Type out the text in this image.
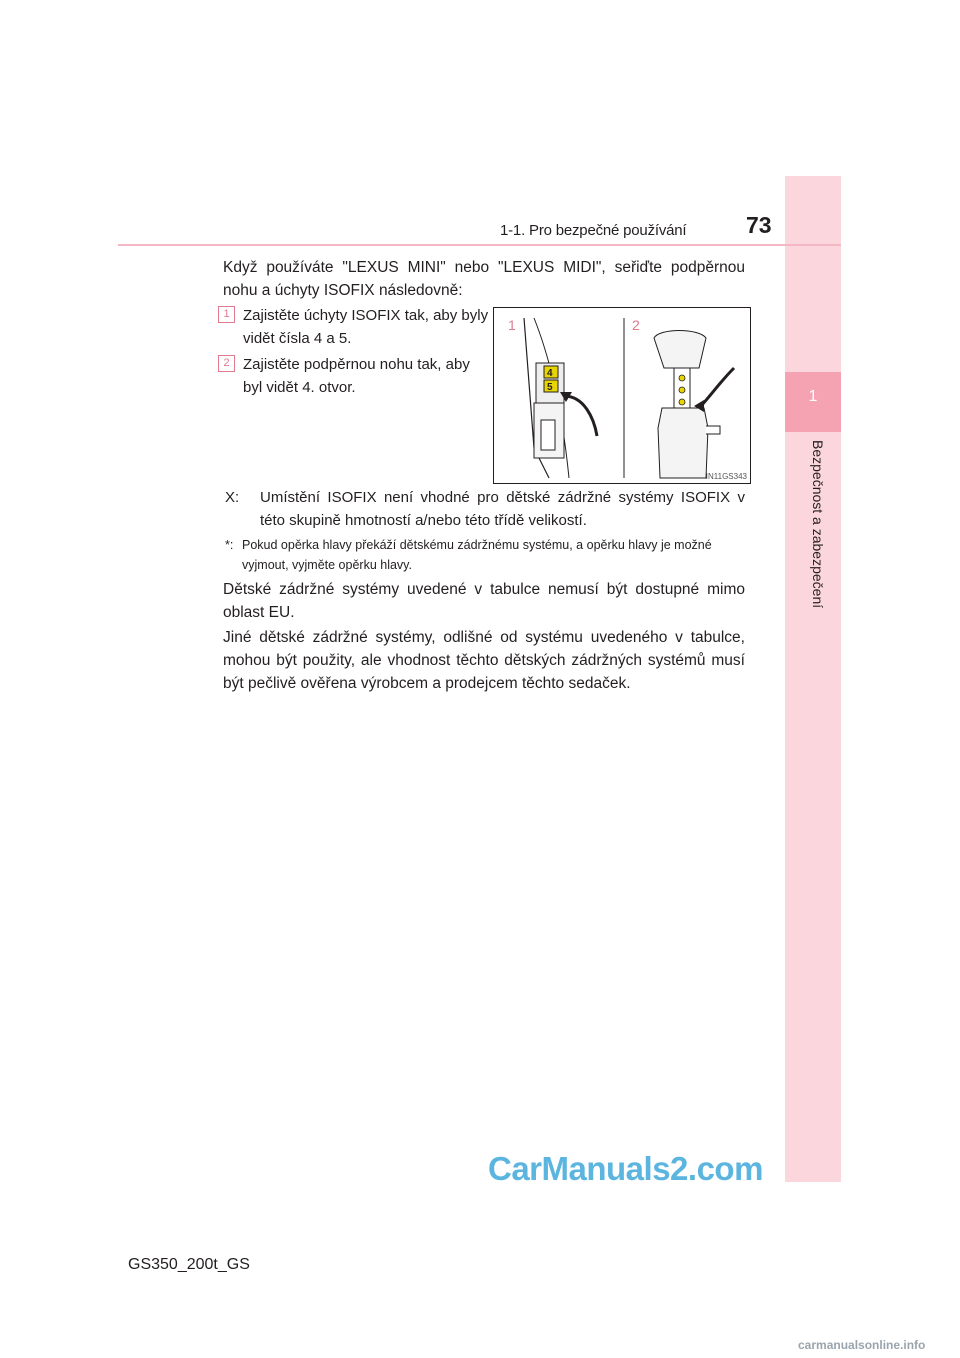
1
Bezpečnost a zabezpečení
1-1. Pro bezpečné používání	73
Když používáte "LEXUS MINI" nebo "LEXUS MIDI", seřiďte podpěrnou nohu a úchyty ISOFIX následovně:
1 Zajistěte úchyty ISOFIX tak, aby byly vidět čísla 4 a 5.
2 Zajistěte podpěrnou nohu tak, aby byl vidět 4. otvor.
1	2
4
5
IN11GS343
X: Umístění ISOFIX není vhodné pro dětské zádržné systémy ISOFIX v této skupině hmotností a/nebo této třídě velikostí.
*: Pokud opěrka hlavy překáží dětskému zádržnému systému, a opěrku hlavy je možné vyjmout, vyjměte opěrku hlavy.
Dětské zádržné systémy uvedené v tabulce nemusí být dostupné mimo oblast EU.
Jiné dětské zádržné systémy, odlišné od systému uvedeného v tabulce, mohou být použity, ale vhodnost těchto dětských zádržných systémů musí být pečlivě ověřena výrobcem a prodejcem těchto sedaček.
CarManuals2.com
GS350_200t_GS
carmanualsonline.info
